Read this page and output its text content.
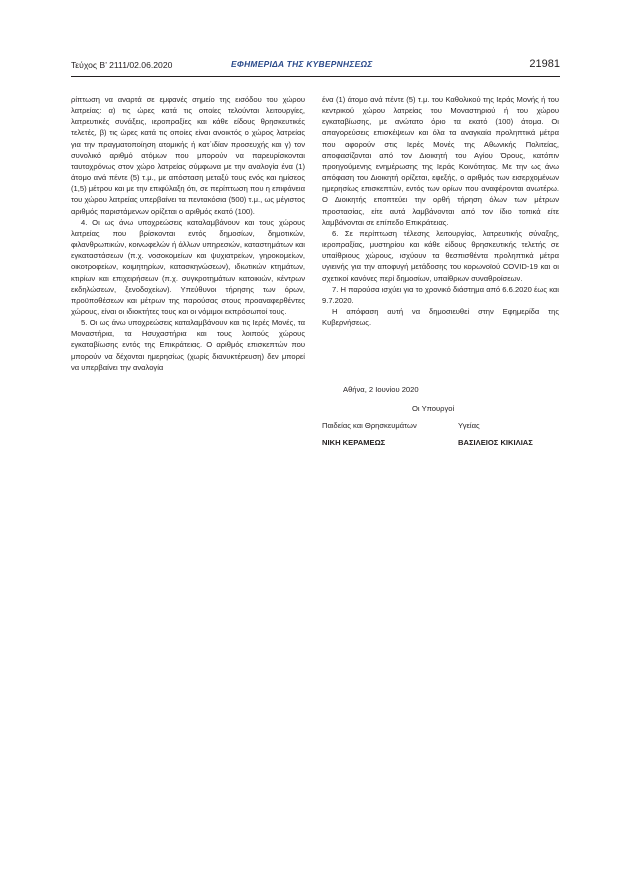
Τεύχος B’ 2111/02.06.2020	ΕΦΗΜΕΡΙΔΑ ΤΗΣ ΚΥΒΕΡΝΗΣΕΩΣ	21981

ρίπτωση να αναρτά σε εμφανές σημείο της εισόδου του χώρου λατρείας: α) τις ώρες κατά τις οποίες τελούνται λειτουργίες, λατρευτικές συνάξεις, ιεροπραξίες και κάθε είδους θρησκευτικές τελετές, β) τις ώρες κατά τις οποίες είναι ανοικτός ο χώρος λατρείας για την πραγματοποίηση ατομικής ή κατ΄ιδίαν προσευχής και γ) τον συνολικό αριθμό ατόμων που μπορούν να παρευρίσκονται ταυτοχρόνως στον χώρο λατρείας σύμφωνα με την αναλογία ένα (1) άτομο ανά πέντε (5) τ.μ., με απόσταση μεταξύ τους ενός και ημίσεος (1,5) μέτρου και με την επιφύλαξη ότι, σε περίπτωση που η επιφάνεια του χώρου λατρείας υπερβαίνει τα πεντακόσια (500) τ.μ., ως μέγιστος αριθμός παριστάμενων ορίζεται ο αριθμός εκατό (100).

4. Οι ως άνω υποχρεώσεις καταλαμβάνουν και τους χώρους λατρείας που βρίσκονται εντός δημοσίων, δημοτικών, φιλανθρωπικών, κοινωφελών ή άλλων υπηρεσιών, καταστημάτων και εγκαταστάσεων (π.χ. νοσοκομείων και ψυχιατρείων, γηροκομείων, οικοτροφείων, κοιμητηρίων, κατασκηνώσεων), ιδιωτικών κτημάτων, κτιρίων και επιχειρήσεων (π.χ. συγκροτημάτων κατοικιών, κέντρων εκδηλώσεων, ξενοδοχείων). Υπεύθυνοι τήρησης των όρων, προϋποθέσεων και μέτρων της παρούσας στους προαναφερθέντες χώρους, είναι οι ιδιοκτήτες τους και οι νόμιμοι εκπρόσωποί τους.

5. Οι ως άνω υποχρεώσεις καταλαμβάνουν και τις Ιερές Μονές, τα Μοναστήρια, τα Ησυχαστήρια και τους λοιπούς χώρους εγκαταβίωσης εντός της Επικράτειας. Ο αριθμός επισκεπτών που μπορούν να δέχονται ημερησίως (χωρίς διανυκτέρευση) δεν μπορεί να υπερβαίνει την αναλογία

ένα (1) άτομο ανά πέντε (5) τ.μ. του Καθολικού της Ιεράς Μονής ή του κεντρικού χώρου λατρείας του Μοναστηριού ή του χώρου εγκαταβίωσης, με ανώτατο όριο τα εκατό (100) άτομα. Οι απαγορεύσεις επισκέψεων και όλα τα αναγκαία προληπτικά μέτρα που αφορούν στις Ιερές Μονές της Αθωνικής Πολιτείας, αποφασίζονται από τον Διοικητή του Αγίου Όρους, κατόπιν προηγούμενης ενημέρωσης της Ιεράς Κοινότητας. Με την ως άνω απόφαση του Διοικητή ορίζεται, εφεξής, ο αριθμός των εισερχομένων ημερησίως επισκεπτών, εντός των ορίων που αναφέρονται ανωτέρω. Ο Διοικητής εποπτεύει την ορθή τήρηση όλων των μέτρων προστασίας, είτε αυτά λαμβάνονται από τον ίδιο τοπικά είτε λαμβάνονται σε επίπεδο Επικράτειας.

6. Σε περίπτωση τέλεσης λειτουργίας, λατρευτικής σύναξης, ιεροπραξίας, μυστηρίου και κάθε είδους θρησκευτικής τελετής σε υπαίθριους χώρους, ισχύουν τα θεσπισθέντα προληπτικά μέτρα υγιεινής για την αποφυγή μετάδοσης του κορωνοϊού COVID-19 και οι σχετικοί κανόνες περί δημοσίων, υπαίθριων συναθροίσεων.

7. Η παρούσα ισχύει για το χρονικό διάστημα από 6.6.2020 έως και 9.7.2020.

Η απόφαση αυτή να δημοσιευθεί στην Εφημερίδα της Κυβερνήσεως.

Αθήνα, 2 Ιουνίου 2020
Οι Υπουργοί
Παιδείας και Θρησκευμάτων	Υγείας
ΝΙΚΗ ΚΕΡΑΜΕΩΣ	ΒΑΣΙΛΕΙΟΣ ΚΙΚΙΛΙΑΣ
